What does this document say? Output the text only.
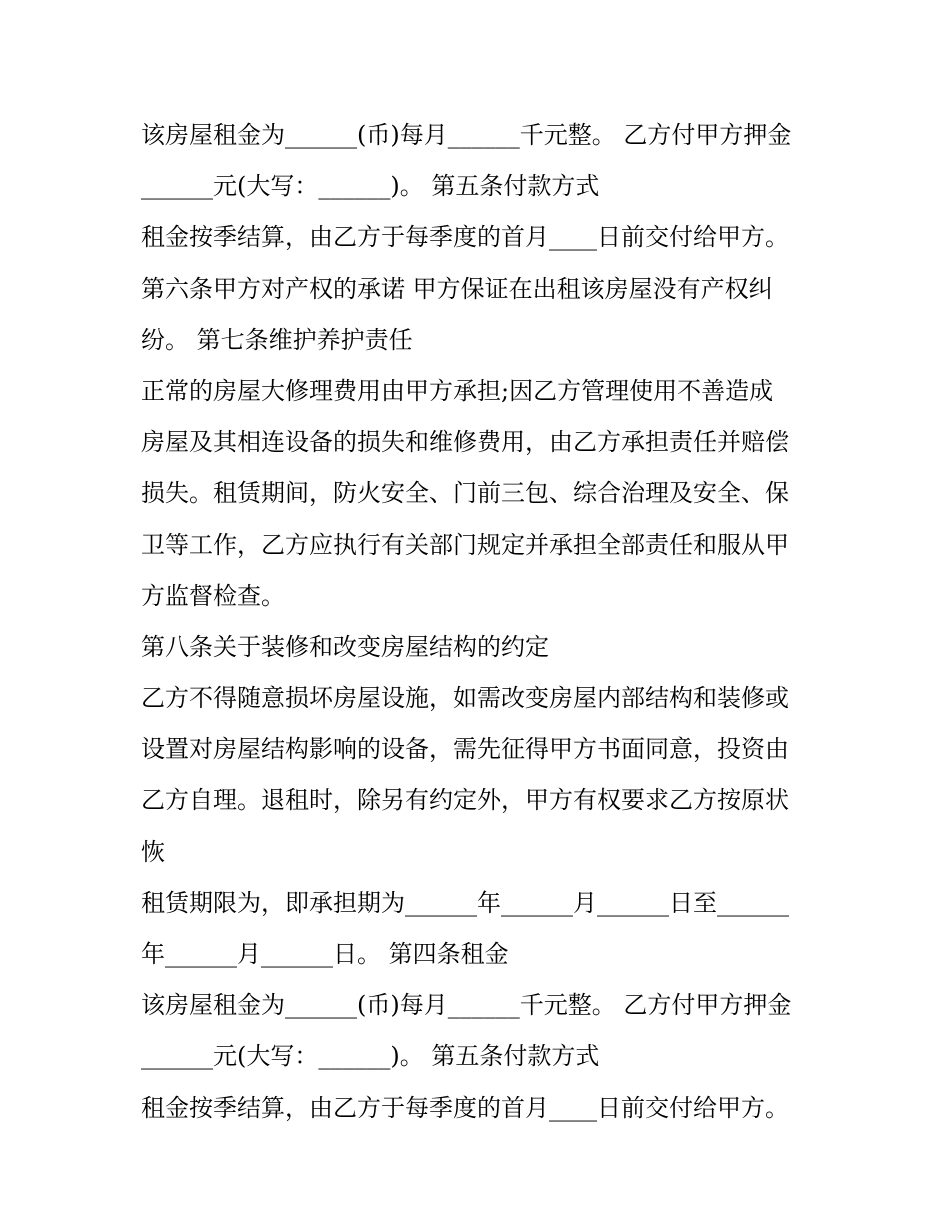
该房屋租金为______(币)每月______千元整。 乙方付甲方押金
______元(大写：______)。 第五条付款方式
租金按季结算，由乙方于每季度的首月____日前交付给甲方。
第六条甲方对产权的承诺 甲方保证在出租该房屋没有产权纠
纷。 第七条维护养护责任
正常的房屋大修理费用由甲方承担;因乙方管理使用不善造成
房屋及其相连设备的损失和维修费用，由乙方承担责任并赔偿
损失。租赁期间，防火安全、门前三包、综合治理及安全、保
卫等工作，乙方应执行有关部门规定并承担全部责任和服从甲
方监督检查。
第八条关于装修和改变房屋结构的约定
乙方不得随意损坏房屋设施，如需改变房屋内部结构和装修或
设置对房屋结构影响的设备，需先征得甲方书面同意，投资由
乙方自理。退租时，除另有约定外，甲方有权要求乙方按原状
恢
租赁期限为，即承担期为______年______月______日至______
年______月______日。 第四条租金
该房屋租金为______(币)每月______千元整。 乙方付甲方押金
______元(大写：______)。 第五条付款方式
租金按季结算，由乙方于每季度的首月____日前交付给甲方。
